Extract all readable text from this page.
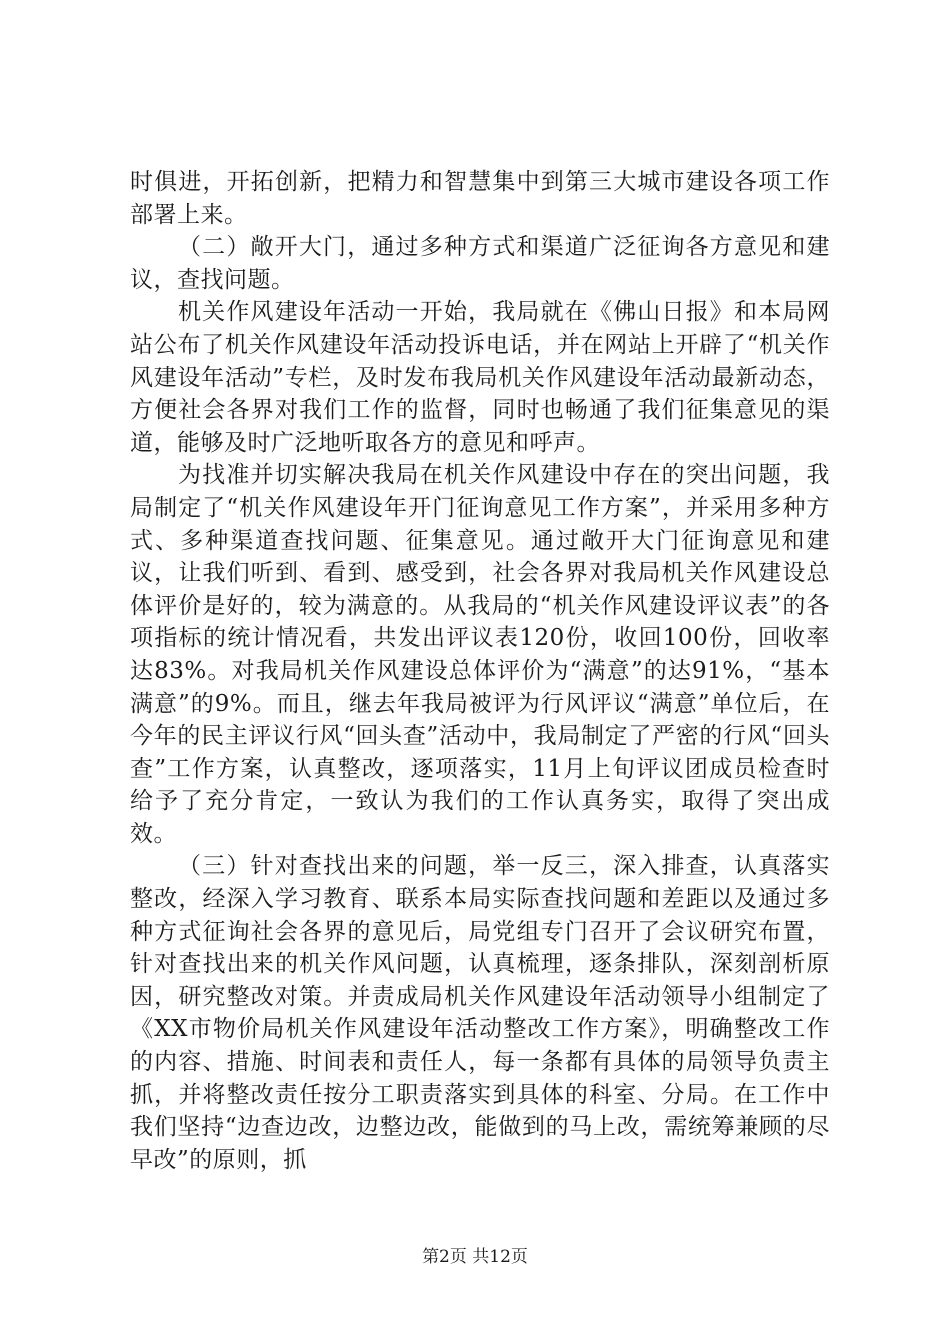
时俱进，开拓创新，把精力和智慧集中到第三大城市建设各项工作部署上来。

（二）敞开大门，通过多种方式和渠道广泛征询各方意见和建议，查找问题。

机关作风建设年活动一开始，我局就在《佛山日报》和本局网站公布了机关作风建设年活动投诉电话，并在网站上开辟了“机关作风建设年活动”专栏，及时发布我局机关作风建设年活动最新动态，方便社会各界对我们工作的监督，同时也畅通了我们征集意见的渠道，能够及时广泛地听取各方的意见和呼声。

为找准并切实解决我局在机关作风建设中存在的突出问题，我局制定了“机关作风建设年开门征询意见工作方案”，并采用多种方式、多种渠道查找问题、征集意见。通过敞开大门征询意见和建议，让我们听到、看到、感受到，社会各界对我局机关作风建设总体评价是好的，较为满意的。从我局的“机关作风建设评议表”的各项指标的统计情况看，共发出评议表120份，收回100份，回收率达83%。对我局机关作风建设总体评价为“满意”的达91%，“基本满意”的9%。而且，继去年我局被评为行风评议“满意”单位后，在今年的民主评议行风“回头查”活动中，我局制定了严密的行风“回头查”工作方案，认真整改，逐项落实，11月上旬评议团成员检查时给予了充分肯定，一致认为我们的工作认真务实，取得了突出成效。

（三）针对查找出来的问题，举一反三，深入排查，认真落实整改，经深入学习教育、联系本局实际查找问题和差距以及通过多种方式征询社会各界的意见后，局党组专门召开了会议研究布置，针对查找出来的机关作风问题，认真梳理，逐条排队，深刻剖析原因，研究整改对策。并责成局机关作风建设年活动领导小组制定了《XX市物价局机关作风建设年活动整改工作方案》，明确整改工作的内容、措施、时间表和责任人，每一条都有具体的局领导负责主抓，并将整改责任按分工职责落实到具体的科室、分局。在工作中我们坚持“边查边改，边整边改，能做到的马上改，需统筹兼顾的尽早改”的原则，抓

第2页 共12页
